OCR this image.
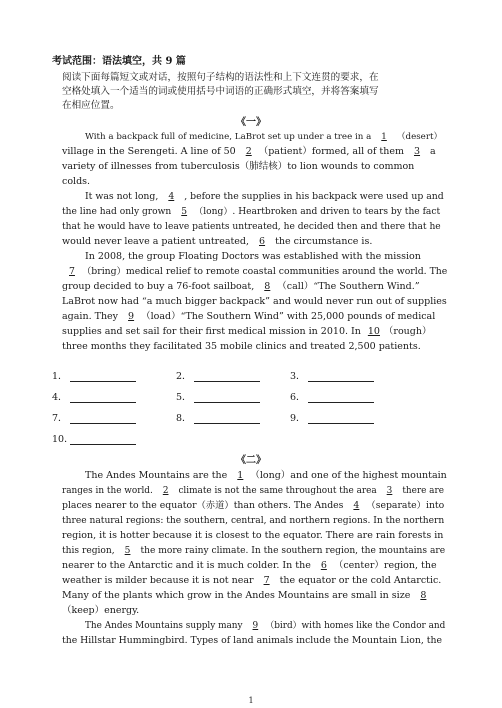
考试范围：语法填空，共 9 篇
阅读下面每篇短文或对话，按照句子结构的语法性和上下文连贯的要求，在
空格处填入一个适当的词或使用括号中词语的正确形式填空，并将答案填写
在相应位置。
《一》
With a backpack full of medicine, LaBrot set up under a tree in a 1 （desert）
village in the Serengeti. A line of 50 2 （patient）formed, all of them 3 a
variety of illnesses from tuberculosis（肺结核）to lion wounds to common
colds.
It was not long, 4 , before the supplies in his backpack were used up and
the line had only grown 5 （long）. Heartbroken and driven to tears by the fact
that he would have to leave patients untreated, he decided then and there that he
would never leave a patient untreated, 6 the circumstance is.
In 2008, the group Floating Doctors was established with the mission
7 （bring）medical relief to remote coastal communities around the world. The
group decided to buy a 76-foot sailboat, 8 （call）“The Southern Wind.”
LaBrot now had “a much bigger backpack” and would never run out of supplies
again. They 9 （load）“The Southern Wind” with 25,000 pounds of medical
supplies and set sail for their first medical mission in 2010. In 10 （rough）
three months they facilitated 35 mobile clinics and treated 2,500 patients.
1．	2．	3．
4．	5．	6．
7．	8．	9．
10．
《二》
The Andes Mountains are the 1 （long）and one of the highest mountain
ranges in the world. 2 climate is not the same throughout the area 3 there are
places nearer to the equator（赤道）than others. The Andes 4 （separate）into
three natural regions: the southern, central, and northern regions. In the northern
region, it is hotter because it is closest to the equator. There are rain forests in
this region, 5 the more rainy climate. In the southern region, the mountains are
nearer to the Antarctic and it is much colder. In the 6 （center）region, the
weather is milder because it is not near 7 the equator or the cold Antarctic.
Many of the plants which grow in the Andes Mountains are small in size 8
（keep）energy.
The Andes Mountains supply many 9 （bird）with homes like the Condor and
the Hillstar Hummingbird. Types of land animals include the Mountain Lion, the
1
